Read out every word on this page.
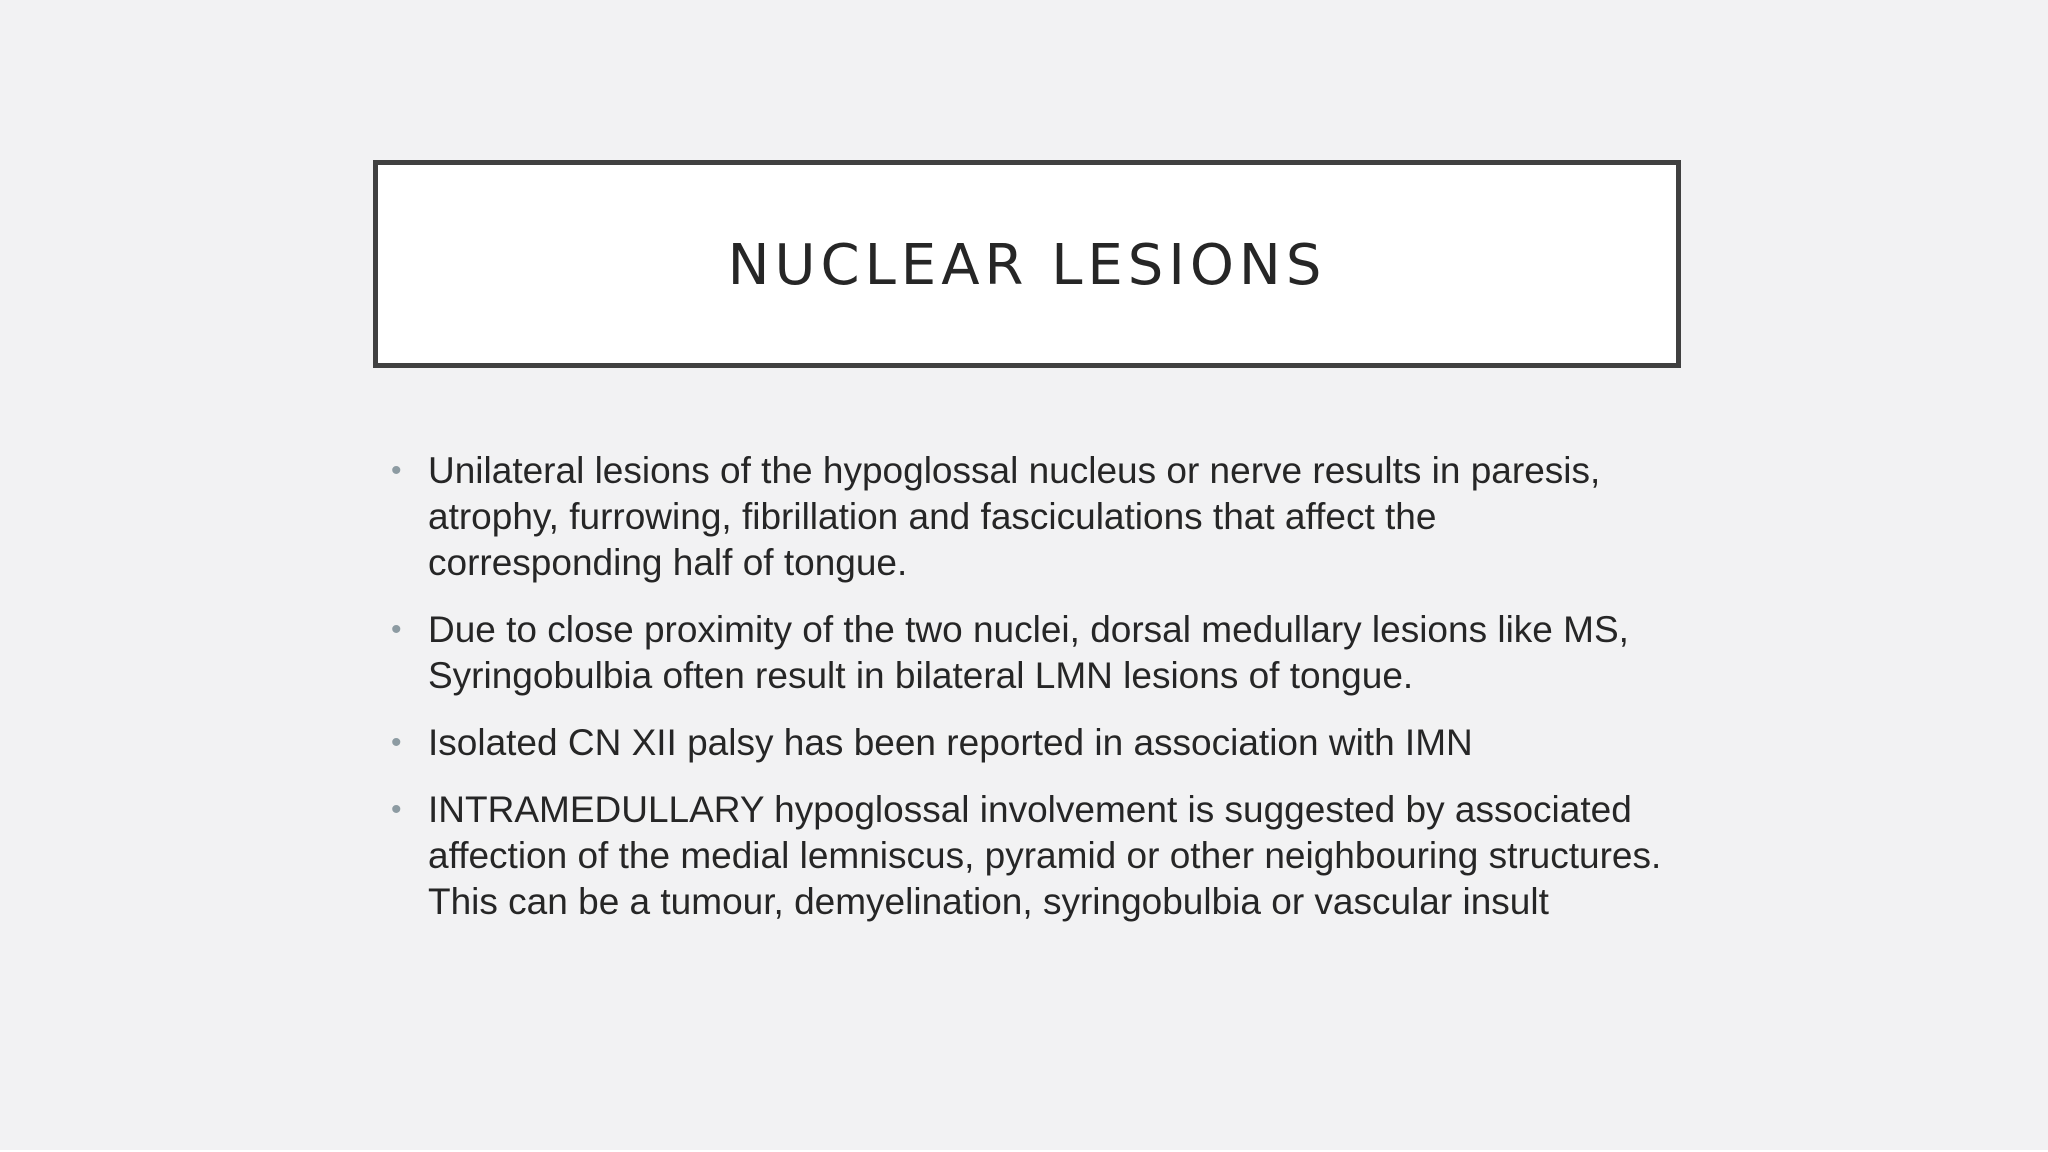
NUCLEAR LESIONS
• Unilateral lesions of the hypoglossal nucleus or nerve results in paresis, atrophy, furrowing, fibrillation and fasciculations that affect the corresponding half of tongue.
• Due to close proximity of the two nuclei, dorsal medullary lesions like MS, Syringobulbia often result in bilateral LMN lesions of tongue.
• Isolated CN XII palsy has been reported in association with IMN
• INTRAMEDULLARY hypoglossal involvement is suggested by associated affection of the medial lemniscus, pyramid or other neighbouring structures. This can be a tumour, demyelination, syringobulbia or vascular insult
